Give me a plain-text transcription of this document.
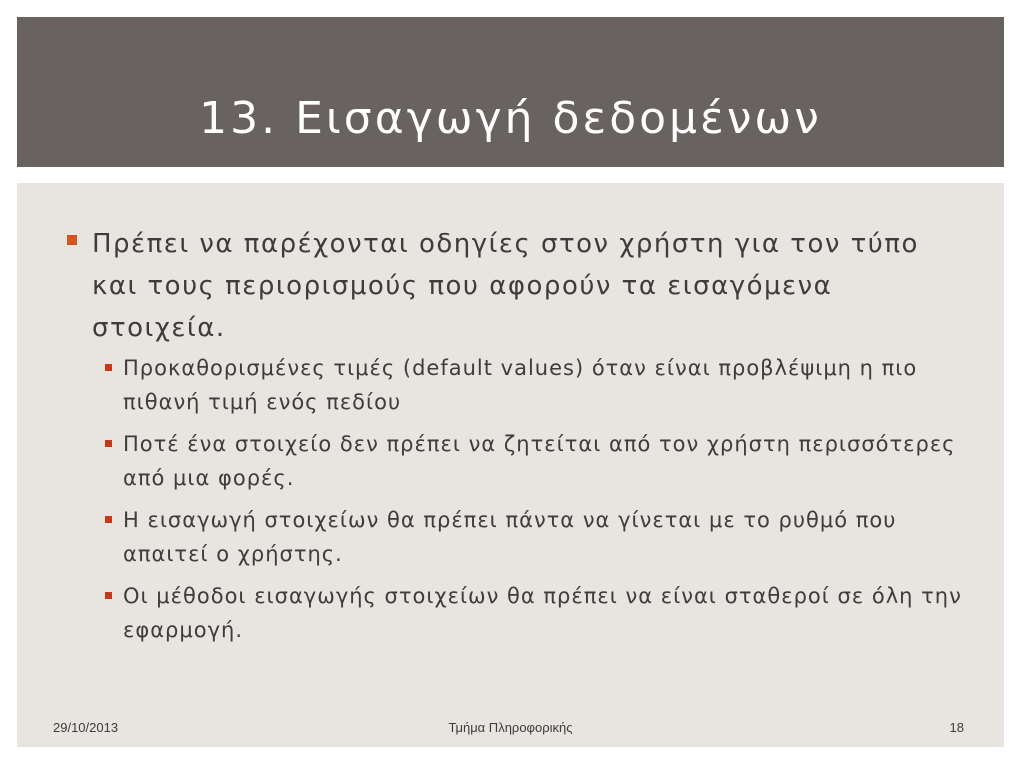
13. Εισαγωγή δεδομένων
Πρέπει να παρέχονται οδηγίες στον χρήστη για τον τύπο και τους περιορισμούς που αφορούν τα εισαγόμενα στοιχεία.
Προκαθορισμένες τιμές (default values) όταν είναι προβλέψιμη η πιο πιθανή τιμή ενός πεδίου
Ποτέ ένα στοιχείο δεν πρέπει να ζητείται από τον χρήστη περισσότερες από μια φορές.
Η εισαγωγή στοιχείων θα πρέπει πάντα να γίνεται με το ρυθμό που απαιτεί ο χρήστης.
Οι μέθοδοι εισαγωγής στοιχείων θα πρέπει να είναι σταθεροί σε όλη την εφαρμογή.
29/10/2013	Τμήμα Πληροφορικής	18
